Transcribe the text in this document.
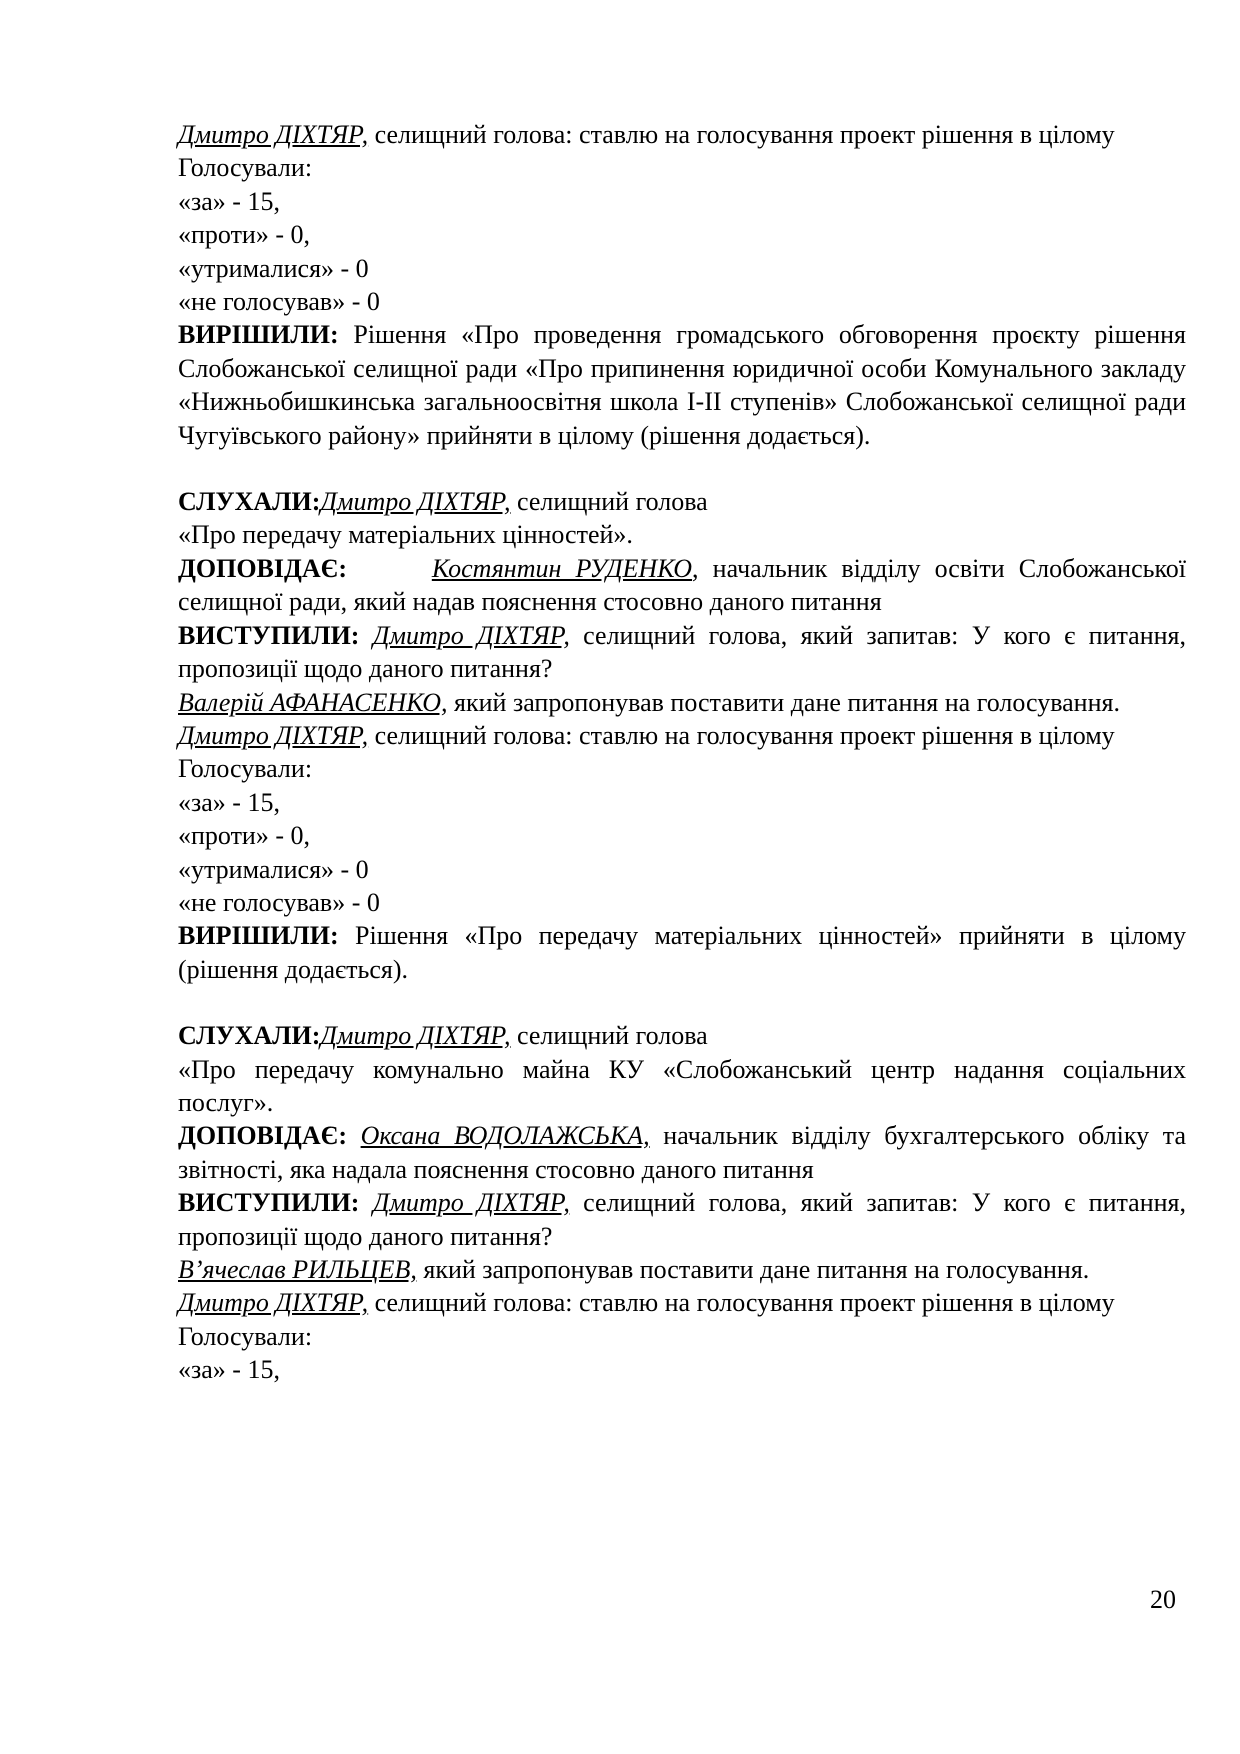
Дмитро ДІХТЯР, селищний голова: ставлю на голосування проект рішення в цілому

Голосували:

«за» - 15,

«проти» - 0,

«утрималися» - 0

«не голосував» - 0

ВИРІШИЛИ: Рішення «Про проведення громадського обговорення проєкту рішення Слобожанської селищної ради «Про припинення юридичної особи Комунального закладу «Нижньобишкинська загальноосвітня школа І-ІІ ступенів» Слобожанської селищної ради Чугуївського району» прийняти в цілому (рішення додається).

СЛУХАЛИ:Дмитро ДІХТЯР, селищний голова

«Про передачу матеріальних цінностей».

ДОПОВІДАЄ:	Костянтин РУДЕНКО, начальник відділу освіти Слобожанської селищної ради, який надав пояснення стосовно даного питання

ВИСТУПИЛИ: Дмитро ДІХТЯР, селищний голова, який запитав: У кого є питання, пропозиції щодо даного питання?

Валерій АФАНАСЕНКО, який запропонував поставити дане питання на голосування.

Дмитро ДІХТЯР, селищний голова: ставлю на голосування проект рішення в цілому

Голосували:

«за» - 15,

«проти» - 0,

«утрималися» - 0

«не голосував» - 0

ВИРІШИЛИ: Рішення «Про передачу матеріальних цінностей» прийняти в цілому (рішення додається).

СЛУХАЛИ:Дмитро ДІХТЯР, селищний голова

«Про передачу комунально майна КУ «Слобожанський центр надання соціальних послуг».

ДОПОВІДАЄ: Оксана ВОДОЛАЖСЬКА, начальник відділу бухгалтерського обліку та звітності, яка надала пояснення стосовно даного питання

ВИСТУПИЛИ: Дмитро ДІХТЯР, селищний голова, який запитав: У кого є питання, пропозиції щодо даного питання?

В’ячеслав РИЛЬЦЕВ, який запропонував поставити дане питання на голосування.

Дмитро ДІХТЯР, селищний голова: ставлю на голосування проект рішення в цілому

Голосували:

«за» - 15,

20
